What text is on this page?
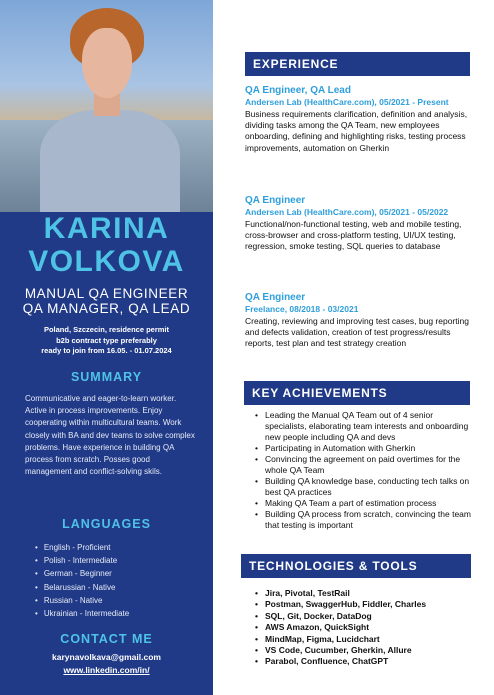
KARINA
VOLKOVA
MANUAL QA ENGINEER
QA MANAGER, QA LEAD
Poland, Szczecin, residence permit
b2b contract type preferably
ready to join from 16.05. - 01.07.2024
SUMMARY
Communicative and eager-to-learn worker. Active in process improvements. Enjoy cooperating within multicultural teams. Work closely with BA and dev teams to solve complex problems. Have experience in building QA process from scratch. Posses good management and conflict-solving skils.
LANGUAGES
• English - Proficient
• Polish - Intermediate
• German - Beginner
• Belarussian - Native
• Russian - Native
• Ukrainian - Intermediate
CONTACT ME
karynavolkava@gmail.com
www.linkedin.com/in/
EXPERIENCE
QA Engineer, QA Lead
Andersen Lab (HealthCare.com), 05/2021 - Present
Business requirements clarification, definition and analysis, dividing tasks among the QA Team, new employees onboarding, defining and highlighting risks, testing process improvements, automation on Gherkin
QA Engineer
Andersen Lab (HealthCare.com), 05/2021 - 05/2022
Functional/non-functional testing, web and mobile testing, cross-browser and cross-platform testing, UI/UX testing, regression, smoke testing, SQL queries to database
QA Engineer
Freelance, 08/2018 - 03/2021
Creating, reviewing and improving test cases, bug reporting and defects validation, creation of test progress/results reports, test plan and test strategy creation
KEY ACHIEVEMENTS
• Leading the Manual QA Team out of 4 senior specialists, elaborating team interests and onboarding new people including QA and devs
• Participating in Automation with Gherkin
• Convincing the agreement on paid overtimes for the whole QA Team
• Building QA knowledge base, conducting tech talks on best QA practices
• Making QA Team a part of estimation process
• Building QA process from scratch, convincing the team that testing is important
TECHNOLOGIES & TOOLS
• Jira, Pivotal, TestRail
• Postman, SwaggerHub, Fiddler, Charles
• SQL, Git, Docker, DataDog
• AWS Amazon, QuickSight
• MindMap, Figma, Lucidchart
• VS Code, Cucumber, Gherkin, Allure
• Parabol, Confluence, ChatGPT
